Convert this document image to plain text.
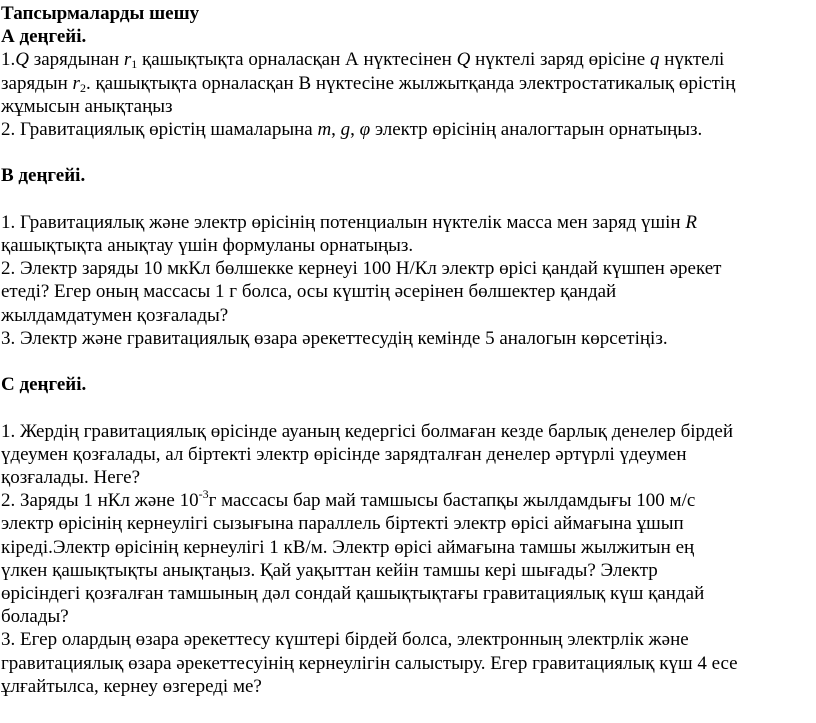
Тапсырмаларды шешу
А деңгейі.
1.Q зарядынан $r_1$ қашықтықта орналасқан А нүктесінен Q нүктелі заряд өрісіне q нүктелі
зарядын $r_2$. қашықтықта орналасқан В нүктесіне жылжытқанда электростатикалық өрістің
жұмысын анықтаңыз
2. Гравитациялық өрістің шамаларына m, g, φ электр өрісінің аналогтарын орнатыңыз.
В деңгейі.
1. Гравитациялық және электр өрісінің потенциалын нүктелік масса мен заряд үшін R
қашықтықта анықтау үшін формуланы орнатыңыз.
2. Электр заряды 10 мкКл бөлшекке кернеуі 100 Н/Кл электр өрісі қандай күшпен әрекет
етеді? Егер оның массасы 1 г болса, осы күштің әсерінен бөлшектер қандай
жылдамдатумен қозғалады?
3. Электр және гравитациялық өзара әрекеттесудің кемінде 5 аналогын көрсетіңіз.
С деңгейі.
1. Жердің гравитациялық өрісінде ауаның кедергісі болмаған кезде барлық денелер бірдей
үдеумен қозғалады, ал біртекті электр өрісінде зарядталған денелер әртүрлі үдеумен
қозғалады. Неге?
2. Заряды 1 нКл және $10^{-3}г$ массасы бар май тамшысы бастапқы жылдамдығы 100 м/с
электр өрісінің кернеулігі сызығына параллель біртекті электр өрісі аймағына ұшып
кіреді.Электр өрісінің кернеулігі 1 кВ/м. Электр өрісі аймағына тамшы жылжитын ең
үлкен қашықтықты анықтаңыз. Қай уақыттан кейін тамшы кері шығады? Электр
өрісіндегі қозғалған тамшының дәл сондай қашықтықтағы гравитациялық күш қандай
болады?
3. Егер олардың өзара әрекеттесу күштері бірдей болса, электронның электрлік және
гравитациялық өзара әрекеттесуінің кернеулігін салыстыру. Егер гравитациялық күш 4 есе
ұлғайтылса, кернеу өзгереді ме?
